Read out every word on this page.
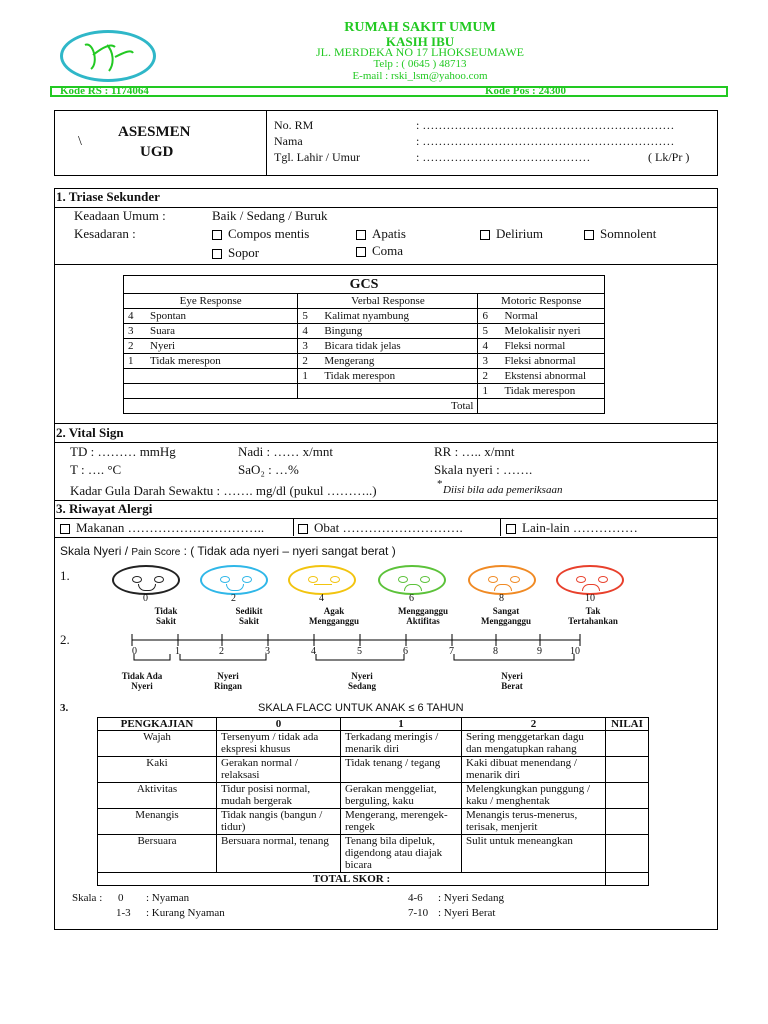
RUMAH SAKIT UMUM
KASIH IBU
JL. MERDEKA NO 17 LHOKSEUMAWE
Telp : ( 0645 ) 48713
E-mail : rski_lsm@yahoo.com
Kode RS : 1174064	Kode Pos : 24300
\
ASESMEN
UGD
No. RM	: ………………………………………………………
Nama	: ………………………………………………………
Tgl. Lahir / Umur	: ……………………………………	( Lk/Pr )
1. Triase Sekunder
Keadaan Umum :	Baik / Sedang / Buruk
Kesadaran :	Compos mentis	Apatis	Delirium	Somnolent
Sopor	Coma
GCS					
Eye Response		Verbal Response		Motoric Response	
4	Spontan	5	Kalimat nyambung	6	Normal
3	Suara	4	Bingung	5	Melokalisir nyeri
2	Nyeri	3	Bicara tidak jelas	4	Fleksi normal
1	Tidak merespon	2	Mengerang	3	Fleksi abnormal
		1	Tidak merespon	2	Ekstensi abnormal
				1	Tidak merespon
Total					
2. Vital Sign
TD : ……… mmHg	Nadi : …… x/mnt	RR : ….. x/mnt
T : …. °C	SaO₂ : …%	Skala nyeri : …….
Kadar Gula Darah Sewaktu : ……. mg/dl (pukul ………..)	* Diisi bila ada pemeriksaan
3. Riwayat Alergi
Makanan …………………………..	Obat ……………………….	Lain-lain ……………
Skala Nyeri / Pain Score : ( Tidak ada nyeri – nyeri sangat berat )
1.
0	2	4	6	8	10
Tidak Sakit
Sedikit Sakit
Agak Mengganggu
Mengganggu Aktifitas
Sangat Mengganggu
Tak Tertahankan
2.
0	1	2	3	4	5	6	7	8	9	10
Tidak Ada Nyeri
Nyeri Ringan
Nyeri Sedang
Nyeri Berat
3.	SKALA FLACC UNTUK ANAK ≤ 6 TAHUN
PENGKAJIAN	0	1	2	NILAI
Wajah	Tersenyum / tidak ada ekspresi khusus	Terkadang meringis / menarik diri	Sering menggetarkan dagu dan mengatupkan rahang	
Kaki	Gerakan normal / relaksasi	Tidak tenang / tegang	Kaki dibuat menendang / menarik diri	
Aktivitas	Tidur posisi normal, mudah bergerak	Gerakan menggeliat, berguling, kaku	Melengkungkan punggung / kaku / menghentak	
Menangis	Tidak nangis (bangun / tidur)	Mengerang, merengek-rengek	Menangis terus-menerus, terisak, menjerit	
Bersuara	Bersuara normal, tenang	Tenang bila dipeluk, digendong atau diajak bicara	Sulit untuk meneangkan	
TOTAL SKOR :				
Skala : 0 : Nyaman
1-3 : Kurang Nyaman
4-6 : Nyeri Sedang
7-10 : Nyeri Berat
